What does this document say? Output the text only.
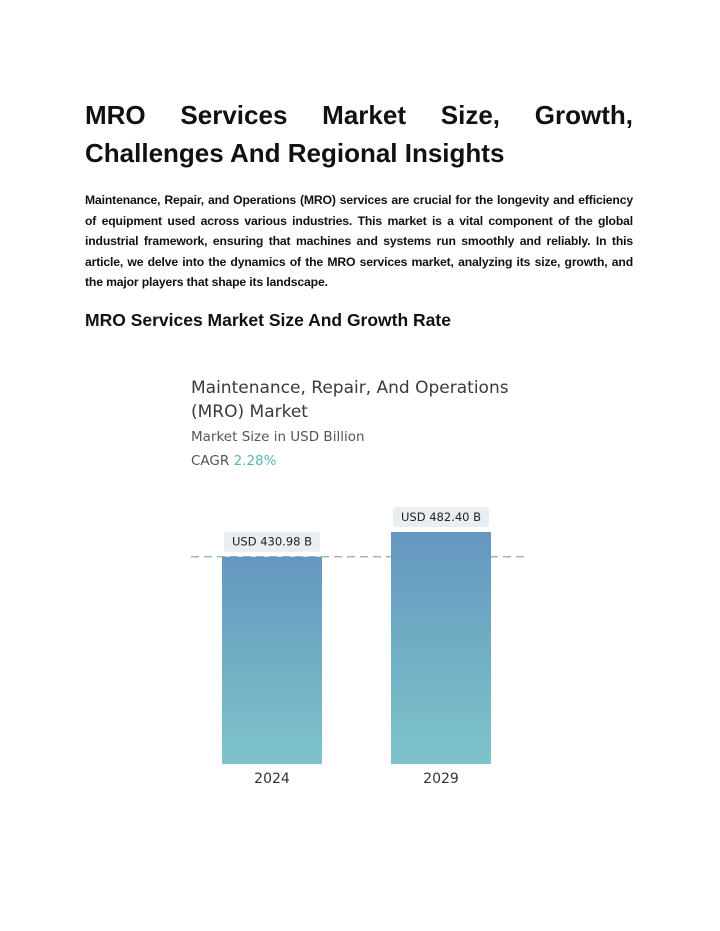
MRO Services Market Size, Growth, Challenges And Regional Insights

Maintenance, Repair, and Operations (MRO) services are crucial for the longevity and efficiency of equipment used across various industries. This market is a vital component of the global industrial framework, ensuring that machines and systems run smoothly and reliably. In this article, we delve into the dynamics of the MRO services market, analyzing its size, growth, and the major players that shape its landscape.

MRO Services Market Size And Growth Rate
Maintenance, Repair, And Operations (MRO) Market
Market Size in USD Billion
CAGR 2.28%
USD 430.98 B
2024
USD 482.40 B
2029
